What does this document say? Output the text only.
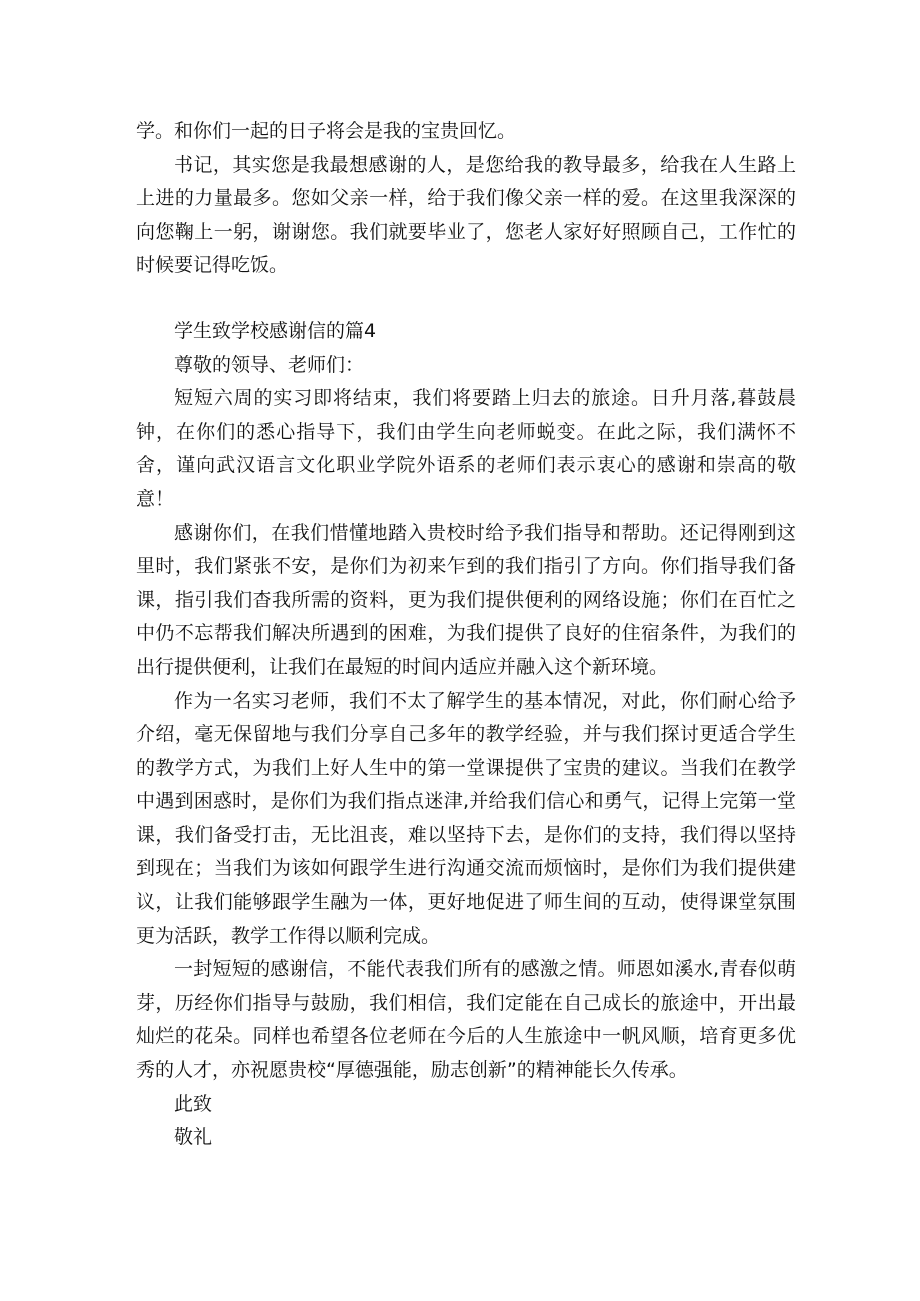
学。和你们一起的日子将会是我的宝贵回忆。

书记，其实您是我最想感谢的人，是您给我的教导最多，给我在人生路上上进的力量最多。您如父亲一样，给于我们像父亲一样的爱。在这里我深深的向您鞠上一躬，谢谢您。我们就要毕业了，您老人家好好照顾自己，工作忙的时候要记得吃饭。

学生致学校感谢信的篇4

尊敬的领导、老师们：

短短六周的实习即将结束，我们将要踏上归去的旅途。日升月落,暮鼓晨钟，在你们的悉心指导下，我们由学生向老师蜕变。在此之际，我们满怀不舍，谨向武汉语言文化职业学院外语系的老师们表示衷心的感谢和崇高的敬意！

感谢你们，在我们惜懂地踏入贵校时给予我们指导和帮助。还记得刚到这里时，我们紧张不安，是你们为初来乍到的我们指引了方向。你们指导我们备课，指引我们杳我所需的资料，更为我们提供便利的网络设施；你们在百忙之中仍不忘帮我们解决所遇到的困难，为我们提供了良好的住宿条件，为我们的出行提供便利，让我们在最短的时间内适应并融入这个新环境。

作为一名实习老师，我们不太了解学生的基本情况，对此，你们耐心给予介绍，毫无保留地与我们分享自己多年的教学经验，并与我们探讨更适合学生的教学方式，为我们上好人生中的第一堂课提供了宝贵的建议。当我们在教学中遇到困惑时，是你们为我们指点迷津,并给我们信心和勇气，记得上完第一堂课，我们备受打击，无比沮丧，难以坚持下去，是你们的支持，我们得以坚持到现在；当我们为该如何跟学生进行沟通交流而烦恼时，是你们为我们提供建议，让我们能够跟学生融为一体，更好地促进了师生间的互动，使得课堂氛围更为活跃，教学工作得以顺利完成。

一封短短的感谢信，不能代表我们所有的感激之情。师恩如溪水,青春似萌芽，历经你们指导与鼓励，我们相信，我们定能在自己成长的旅途中，开出最灿烂的花朵。同样也希望各位老师在今后的人生旅途中一帆风顺，培育更多优秀的人才，亦祝愿贵校“厚德强能，励志创新”的精神能长久传承。

此致

敬礼
